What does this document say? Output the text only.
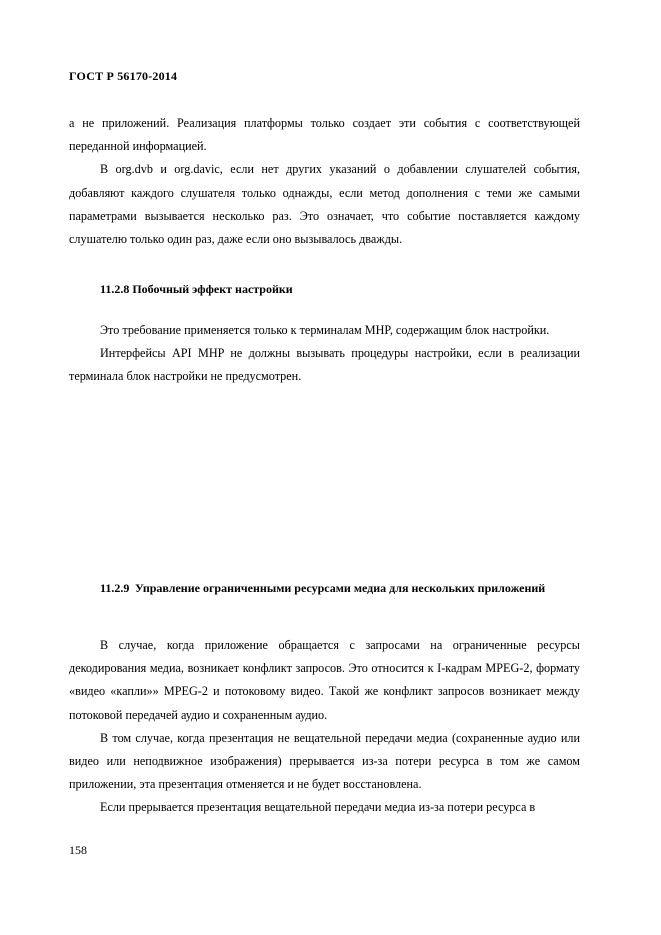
ГОСТ Р 56170-2014

а не приложений. Реализация платформы только создает эти события с соответствующей переданной информацией.

В org.dvb и org.davic, если нет других указаний о добавлении слушателей события, добавляют каждого слушателя только однажды, если метод дополнения с теми же самыми параметрами вызывается несколько раз. Это означает, что событие поставляется каждому слушателю только один раз, даже если оно вызывалось дважды.

11.2.8 Побочный эффект настройки

Это требование применяется только к терминалам MHP, содержащим блок настройки.

Интерфейсы API MHP не должны вызывать процедуры настройки, если в реализации терминала блок настройки не предусмотрен.

11.2.9 Управление ограниченными ресурсами медиа для нескольких приложений

В случае, когда приложение обращается с запросами на ограниченные ресурсы декодирования медиа, возникает конфликт запросов. Это относится к I-кадрам MPEG-2, формату «видео «капли»» MPEG-2 и потоковому видео. Такой же конфликт запросов возникает между потоковой передачей аудио и сохраненным аудио.

В том случае, когда презентация не вещательной передачи медиа (сохраненные аудио или видео или неподвижное изображения) прерывается из-за потери ресурса в том же самом приложении, эта презентация отменяется и не будет восстановлена.

Если прерывается презентация вещательной передачи медиа из-за потери ресурса в

158
